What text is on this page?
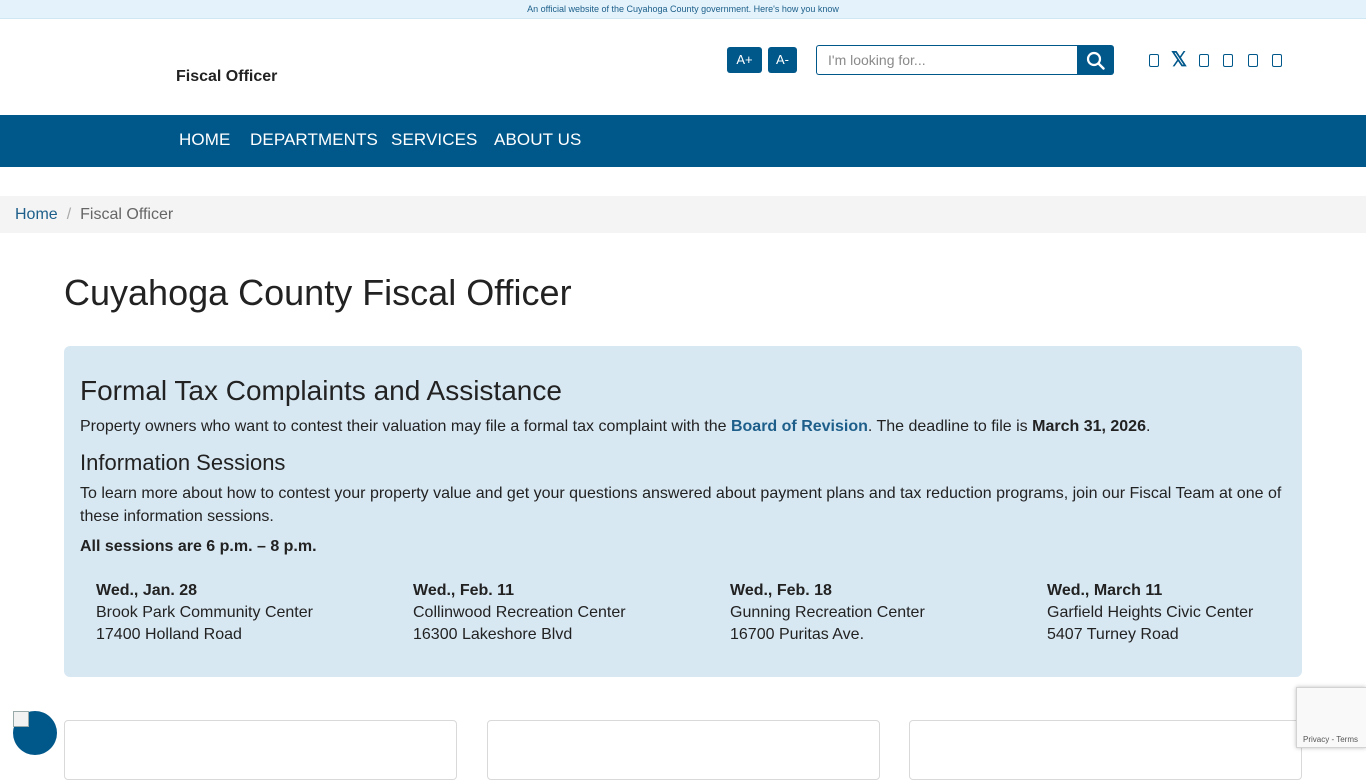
An official website of the Cuyahoga County government. Here's how you know
Fiscal Officer
A+	A-
I'm looking for...	𝕏
HOME DEPARTMENTS SERVICES ABOUT US
Home / Fiscal Officer
Cuyahoga County Fiscal Officer
Formal Tax Complaints and Assistance

Property owners who want to contest their valuation may file a formal tax complaint with the Board of Revision. The deadline to file is March 31, 2026.

Information Sessions

To learn more about how to contest your property value and get your questions answered about payment plans and tax reduction programs, join our Fiscal Team at one of these information sessions.

All sessions are 6 p.m. – 8 p.m.

Wed., Jan. 28
Brook Park Community Center
17400 Holland Road
Wed., Feb. 11
Collinwood Recreation Center
16300 Lakeshore Blvd
Wed., Feb. 18
Gunning Recreation Center
16700 Puritas Ave.
Wed., March 11
Garfield Heights Civic Center
5407 Turney Road
Privacy - Terms
